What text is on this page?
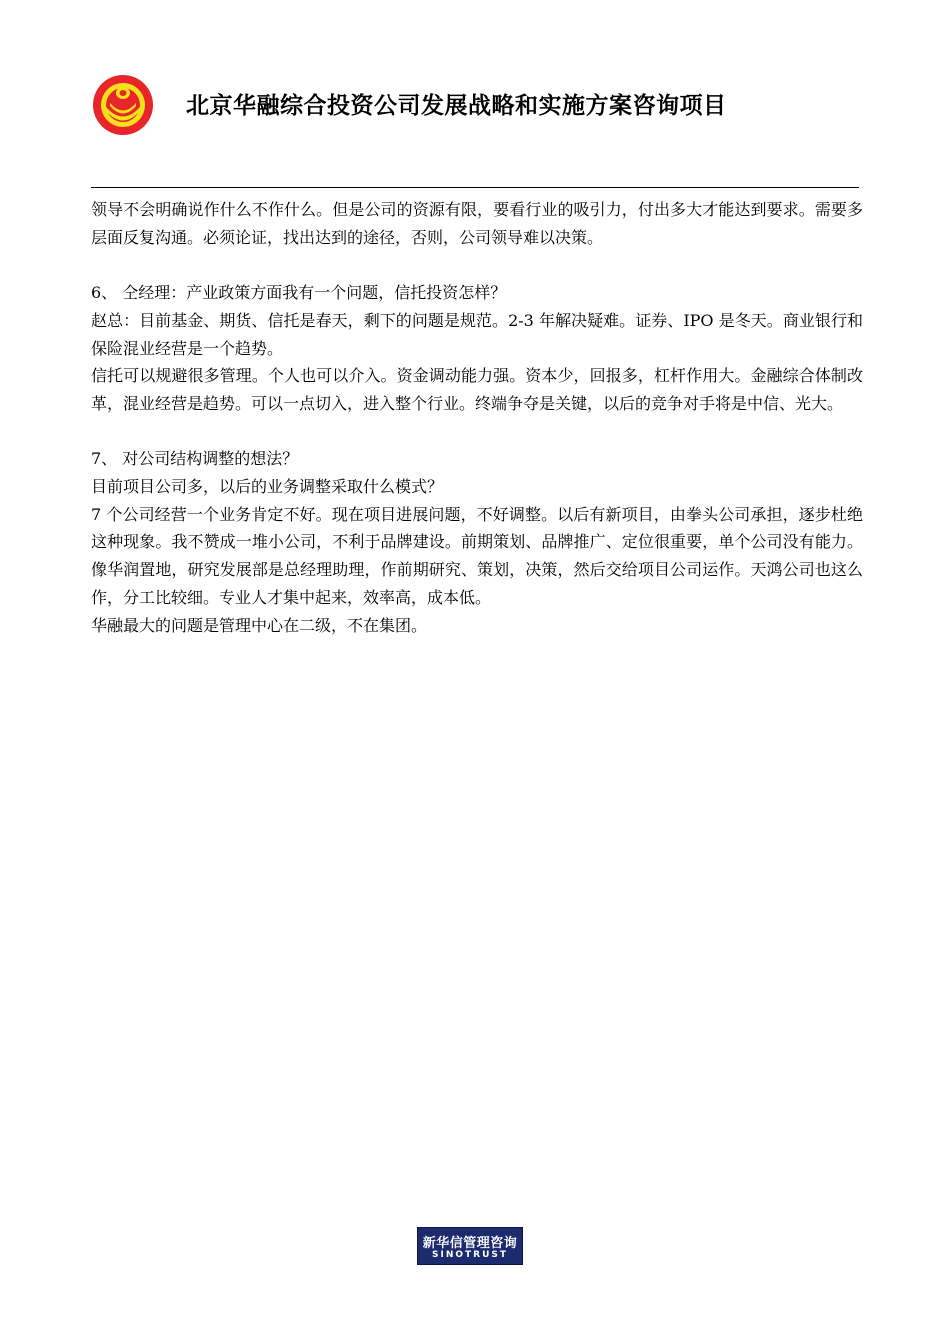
北京华融综合投资公司发展战略和实施方案咨询项目

领导不会明确说作什么不作什么。但是公司的资源有限，要看行业的吸引力，付出多大才能达到要求。需要多层面反复沟通。必须论证，找出达到的途径，否则，公司领导难以决策。

6、 仝经理：产业政策方面我有一个问题，信托投资怎样？

赵总：目前基金、期货、信托是春天，剩下的问题是规范。2-3 年解决疑难。证券、IPO 是冬天。商业银行和保险混业经营是一个趋势。

信托可以规避很多管理。个人也可以介入。资金调动能力强。资本少，回报多，杠杆作用大。金融综合体制改革，混业经营是趋势。可以一点切入，进入整个行业。终端争夺是关键，以后的竞争对手将是中信、光大。

7、 对公司结构调整的想法？

目前项目公司多，以后的业务调整采取什么模式？

7 个公司经营一个业务肯定不好。现在项目进展问题，不好调整。以后有新项目，由拳头公司承担，逐步杜绝这种现象。我不赞成一堆小公司，不利于品牌建设。前期策划、品牌推广、定位很重要，单个公司没有能力。像华润置地，研究发展部是总经理助理，作前期研究、策划，决策，然后交给项目公司运作。天鸿公司也这么作，分工比较细。专业人才集中起来，效率高，成本低。

华融最大的问题是管理中心在二级，不在集团。

新华信管理咨询
SINOTRUST
